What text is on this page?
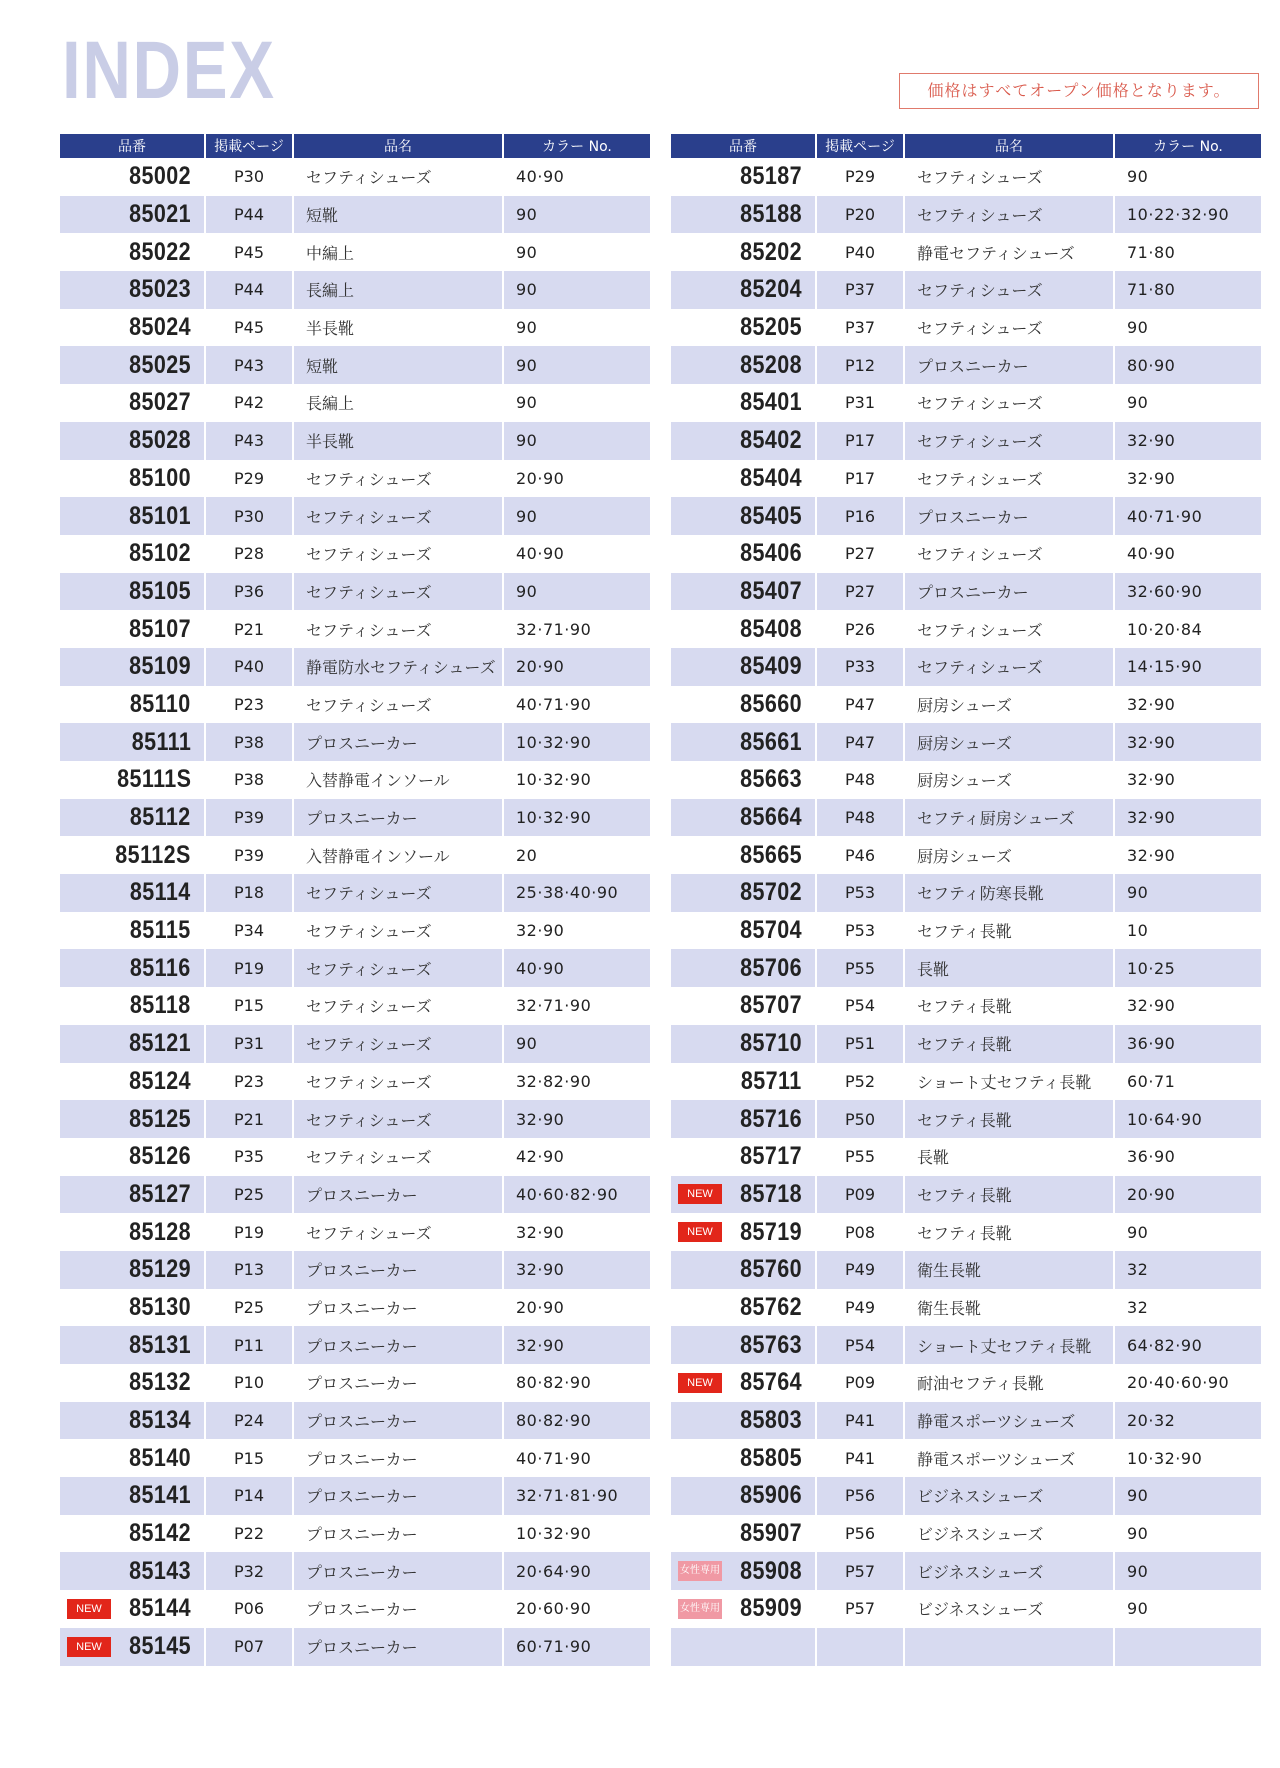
INDEX	価格はすべてオープン価格となります。
品番	掲載ページ	品名	カラー No.
85002	P30	セフティシューズ	40·90
85021	P44	短靴	90
85022	P45	中編上	90
85023	P44	長編上	90
85024	P45	半長靴	90
85025	P43	短靴	90
85027	P42	長編上	90
85028	P43	半長靴	90
85100	P29	セフティシューズ	20·90
85101	P30	セフティシューズ	90
85102	P28	セフティシューズ	40·90
85105	P36	セフティシューズ	90
85107	P21	セフティシューズ	32·71·90
85109	P40	静電防水セフティシューズ	20·90
85110	P23	セフティシューズ	40·71·90
85111	P38	プロスニーカー	10·32·90
85111S	P38	入替静電インソール	10·32·90
85112	P39	プロスニーカー	10·32·90
85112S	P39	入替静電インソール	20
85114	P18	セフティシューズ	25·38·40·90
85115	P34	セフティシューズ	32·90
85116	P19	セフティシューズ	40·90
85118	P15	セフティシューズ	32·71·90
85121	P31	セフティシューズ	90
85124	P23	セフティシューズ	32·82·90
85125	P21	セフティシューズ	32·90
85126	P35	セフティシューズ	42·90
85127	P25	プロスニーカー	40·60·82·90
85128	P19	セフティシューズ	32·90
85129	P13	プロスニーカー	32·90
85130	P25	プロスニーカー	20·90
85131	P11	プロスニーカー	32·90
85132	P10	プロスニーカー	80·82·90
85134	P24	プロスニーカー	80·82·90
85140	P15	プロスニーカー	40·71·90
85141	P14	プロスニーカー	32·71·81·90
85142	P22	プロスニーカー	10·32·90
85143	P32	プロスニーカー	20·64·90

NEW 85144	P06	プロスニーカー	20·60·90

NEW 85145	P07	プロスニーカー	60·71·90
品番	掲載ページ	品名	カラー No.
85187	P29	セフティシューズ	90
85188	P20	セフティシューズ	10·22·32·90
85202	P40	静電セフティシューズ	71·80
85204	P37	セフティシューズ	71·80
85205	P37	セフティシューズ	90
85208	P12	プロスニーカー	80·90
85401	P31	セフティシューズ	90
85402	P17	セフティシューズ	32·90
85404	P17	セフティシューズ	32·90
85405	P16	プロスニーカー	40·71·90
85406	P27	セフティシューズ	40·90
85407	P27	プロスニーカー	32·60·90
85408	P26	セフティシューズ	10·20·84
85409	P33	セフティシューズ	14·15·90
85660	P47	厨房シューズ	32·90
85661	P47	厨房シューズ	32·90
85663	P48	厨房シューズ	32·90
85664	P48	セフティ厨房シューズ	32·90
85665	P46	厨房シューズ	32·90
85702	P53	セフティ防寒長靴	90
85704	P53	セフティ長靴	10
85706	P55	長靴	10·25
85707	P54	セフティ長靴	32·90
85710	P51	セフティ長靴	36·90
85711	P52	ショート丈セフティ長靴	60·71
85716	P50	セフティ長靴	10·64·90
85717	P55	長靴	36·90

NEW 85718	P09	セフティ長靴	20·90

NEW 85719	P08	セフティ長靴	90
85760	P49	衛生長靴	32
85762	P49	衛生長靴	32
85763	P54	ショート丈セフティ長靴	64·82·90

NEW 85764	P09	耐油セフティ長靴	20·40·60·90
85803	P41	静電スポーツシューズ	20·32
85805	P41	静電スポーツシューズ	10·32·90
85906	P56	ビジネスシューズ	90
85907	P56	ビジネスシューズ	90

女性専用 85908	P57	ビジネスシューズ	90

女性専用 85909	P57	ビジネスシューズ	90
